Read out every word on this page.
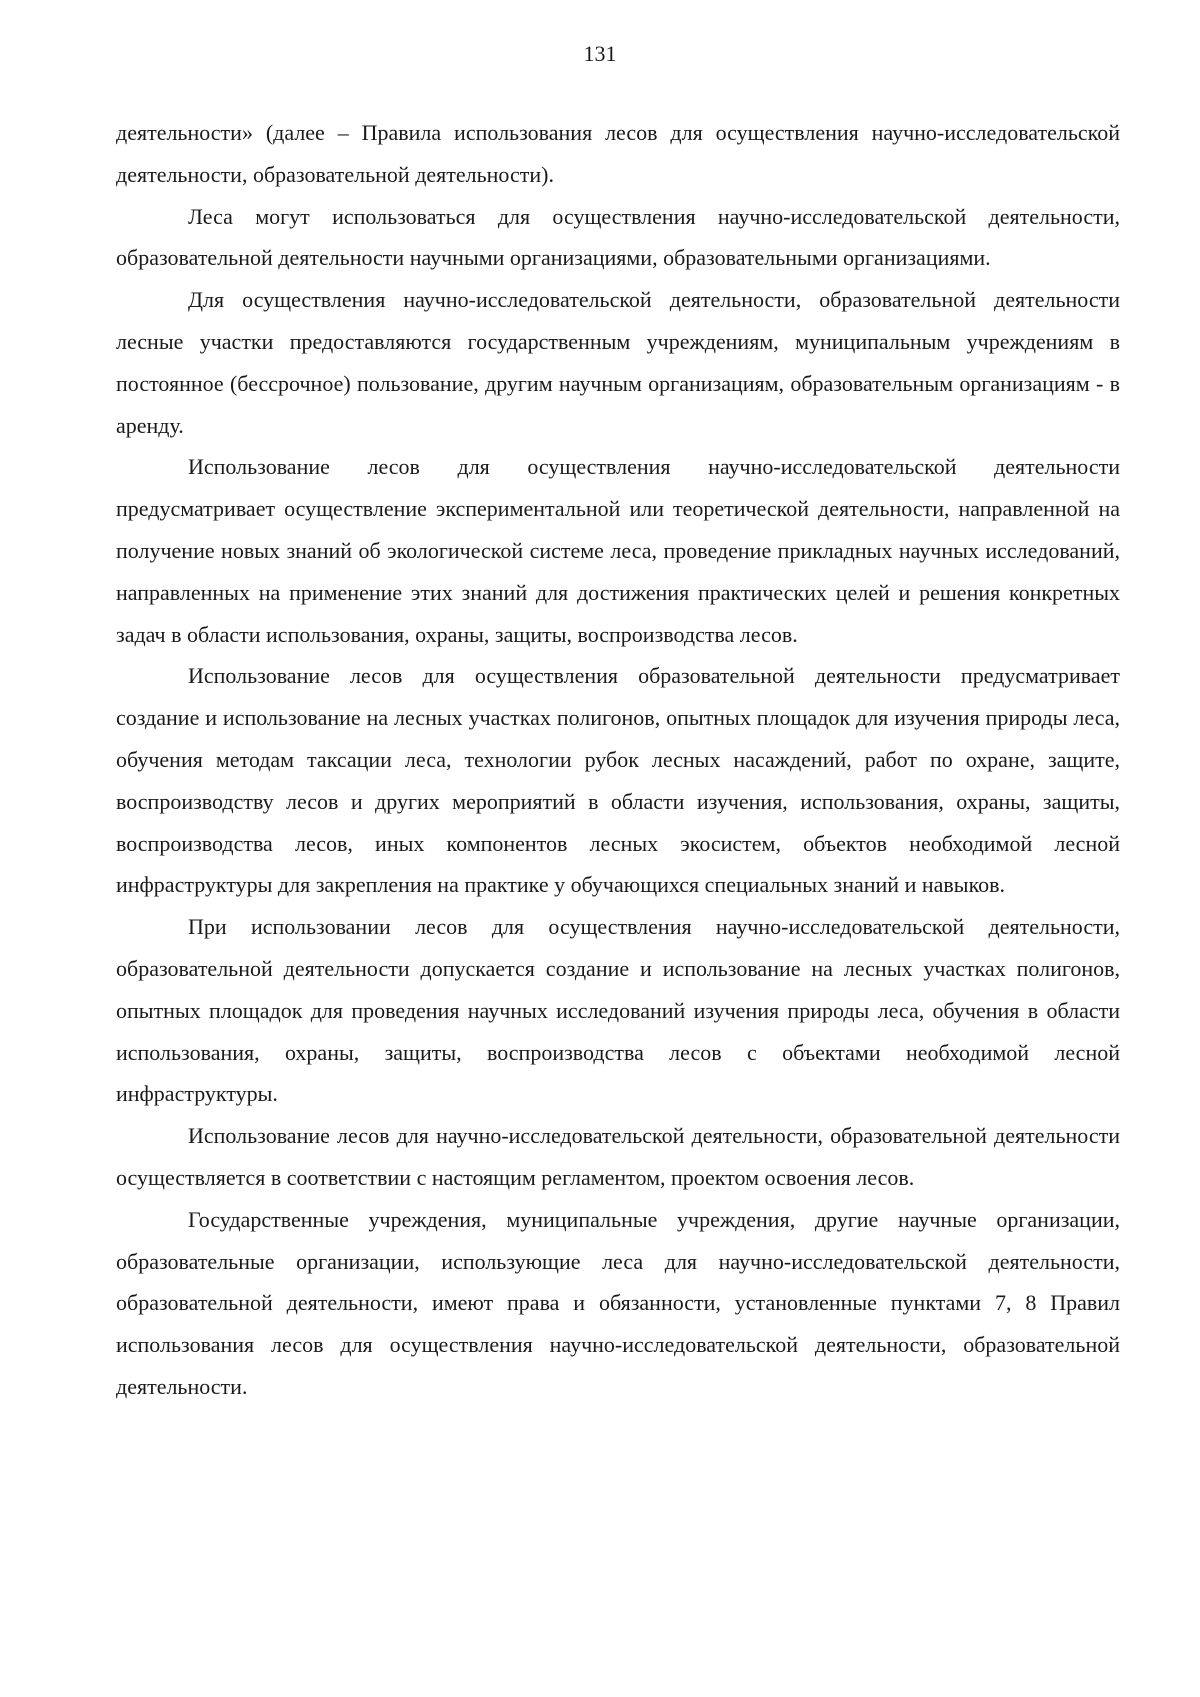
131

деятельности» (далее – Правила использования лесов для осуществления научно-исследовательской деятельности, образовательной деятельности).

Леса могут использоваться для осуществления научно-исследовательской деятельности, образовательной деятельности научными организациями, образовательными организациями.

Для осуществления научно-исследовательской деятельности, образовательной деятельности лесные участки предоставляются государственным учреждениям, муниципальным учреждениям в постоянное (бессрочное) пользование, другим научным организациям, образовательным организациям - в аренду.

Использование лесов для осуществления научно-исследовательской деятельности предусматривает осуществление экспериментальной или теоретической деятельности, направленной на получение новых знаний об экологической системе леса, проведение прикладных научных исследований, направленных на применение этих знаний для достижения практических целей и решения конкретных задач в области использования, охраны, защиты, воспроизводства лесов.

Использование лесов для осуществления образовательной деятельности предусматривает создание и использование на лесных участках полигонов, опытных площадок для изучения природы леса, обучения методам таксации леса, технологии рубок лесных насаждений, работ по охране, защите, воспроизводству лесов и других мероприятий в области изучения, использования, охраны, защиты, воспроизводства лесов, иных компонентов лесных экосистем, объектов необходимой лесной инфраструктуры для закрепления на практике у обучающихся специальных знаний и навыков.

При использовании лесов для осуществления научно-исследовательской деятельности, образовательной деятельности допускается создание и использование на лесных участках полигонов, опытных площадок для проведения научных исследований изучения природы леса, обучения в области использования, охраны, защиты, воспроизводства лесов с объектами необходимой лесной инфраструктуры.

Использование лесов для научно-исследовательской деятельности, образовательной деятельности осуществляется в соответствии с настоящим регламентом, проектом освоения лесов.

Государственные учреждения, муниципальные учреждения, другие научные организации, образовательные организации, использующие леса для научно-исследовательской деятельности, образовательной деятельности, имеют права и обязанности, установленные пунктами 7, 8 Правил использования лесов для осуществления научно-исследовательской деятельности, образовательной деятельности.
